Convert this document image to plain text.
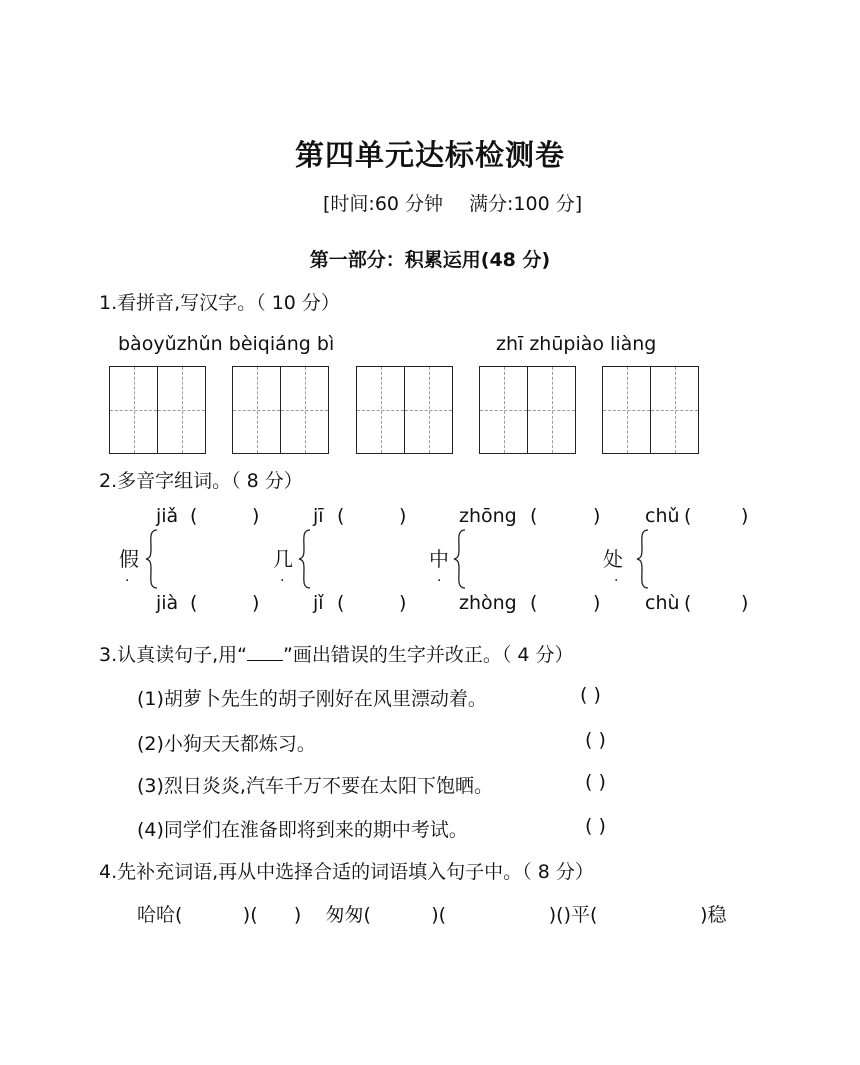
第四单元达标检测卷
[时间:60 分钟 满分:100 分]
第一部分：积累运用(48 分)
1.看拼音,写汉字。（ 10 分）
bàoyǔzhǔn bèiqiáng bì	zhī zhūpiào liàng
2.多音字组词。（ 8 分）
jiǎ (	)
假
.
jià (	)
jī (	)
几
.
jǐ (	)
zhōng (	)
中
.
zhòng (	)
chǔ (	)
处
.
chù (	)
3.认真读句子,用“ ”画出错误的生字并改正。（ 4 分）
(1)胡萝卜先生的胡子刚好在风里漂动着。	( )
(2)小狗天天都炼习。	( )
(3)烈日炎炎,汽车千万不要在太阳下饱晒。	( )
(4)同学们在淮备即将到来的期中考试。	( )
4.先补充词语,再从中选择合适的词语填入句子中。（ 8 分）
哈哈(          )(      )    匆匆(          )(                 )()平(                 )稳
